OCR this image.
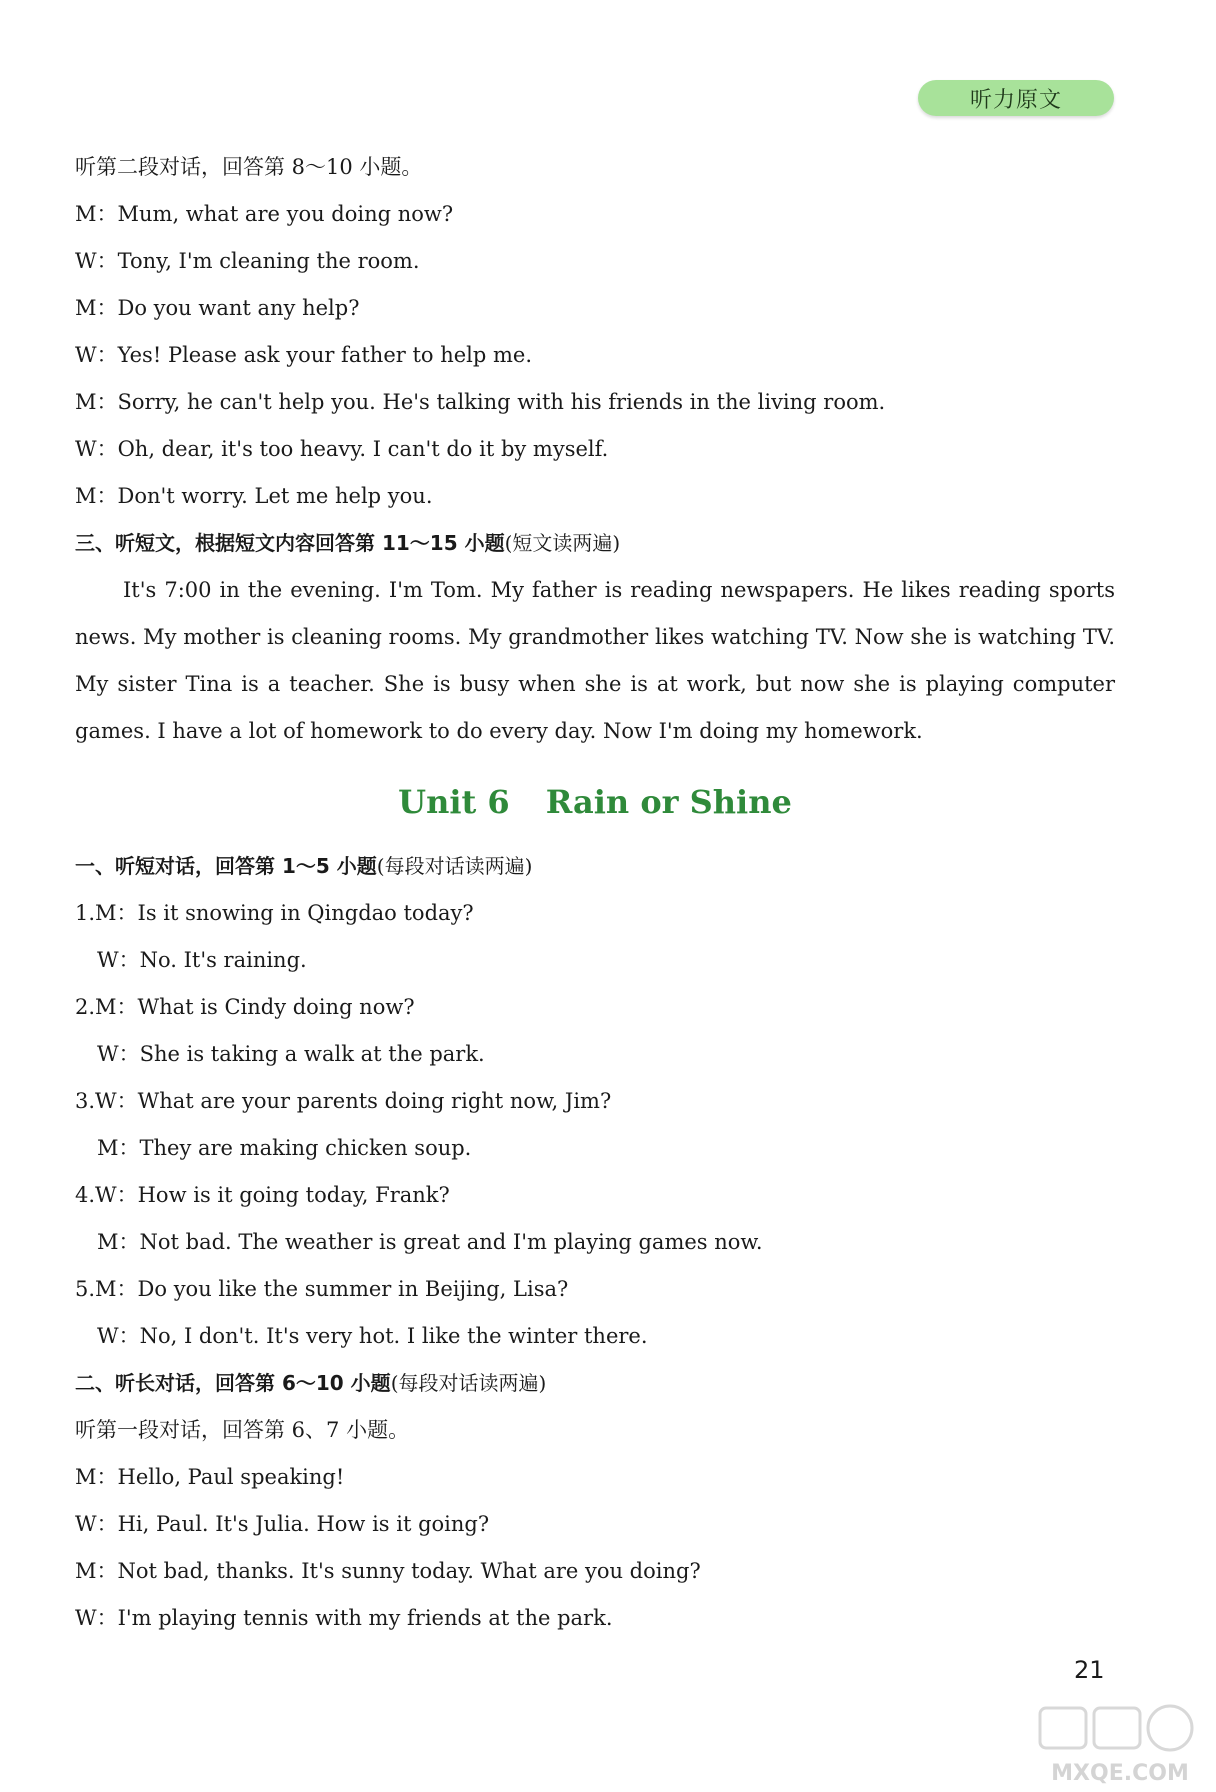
听力原文
听第二段对话，回答第 8～10 小题。
M：Mum, what are you doing now?
W：Tony, I'm cleaning the room.
M：Do you want any help?
W：Yes! Please ask your father to help me.
M：Sorry, he can't help you. He's talking with his friends in the living room.
W：Oh, dear, it's too heavy. I can't do it by myself.
M：Don't worry. Let me help you.
三、听短文，根据短文内容回答第 11～15 小题(短文读两遍)

It's 7:00 in the evening. I'm Tom. My father is reading newspapers. He likes reading sports news. My mother is cleaning rooms. My grandmother likes watching TV. Now she is watching TV. My sister Tina is a teacher. She is busy when she is at work, but now she is playing computer games. I have a lot of homework to do every day. Now I'm doing my homework.

Unit 6 Rain or Shine
一、听短对话，回答第 1～5 小题(每段对话读两遍)
1.M：Is it snowing in Qingdao today?
W：No. It's raining.
2.M：What is Cindy doing now?
W：She is taking a walk at the park.
3.W：What are your parents doing right now, Jim?
M：They are making chicken soup.
4.W：How is it going today, Frank?
M：Not bad. The weather is great and I'm playing games now.
5.M：Do you like the summer in Beijing, Lisa?
W：No, I don't. It's very hot. I like the winter there.
二、听长对话，回答第 6～10 小题(每段对话读两遍)
听第一段对话，回答第 6、7 小题。
M：Hello, Paul speaking!
W：Hi, Paul. It's Julia. How is it going?
M：Not bad, thanks. It's sunny today. What are you doing?
W：I'm playing tennis with my friends at the park.
21
MXQE.COM
